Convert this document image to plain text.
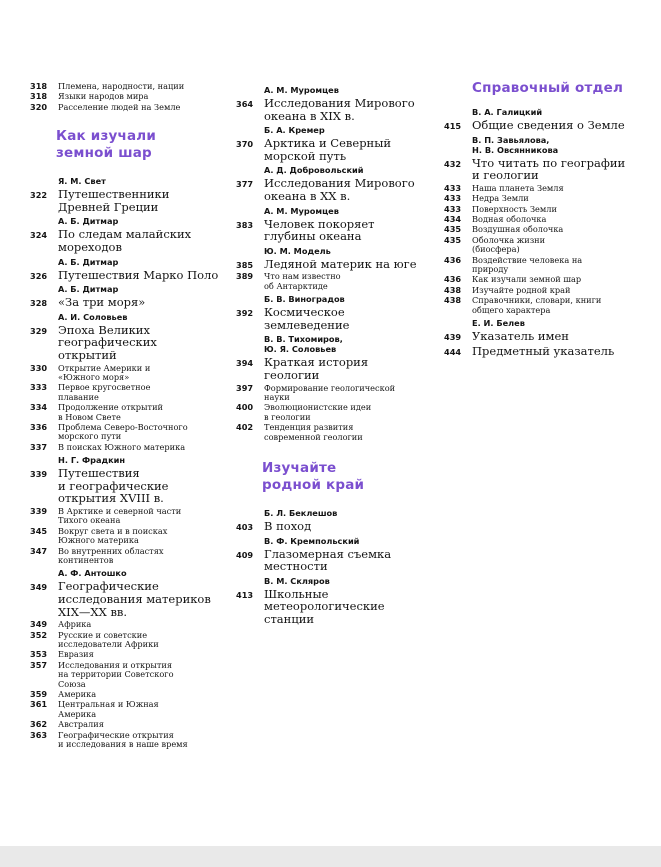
318	Племена, народности, нации
318	Языки народов мира
320	Расселение людей на Земле
Как изучали
земной шар
Я. М. Свет
322 Путешественники
Древней Греции
А. Б. Дитмар
324 По следам малайских
мореходов
А. Б. Дитмар
326 Путешествия Марко Поло
А. Б. Дитмар
328 «За три моря»
А. И. Соловьев
329 Эпоха Великих
географических
открытий
330	Открытие Америки и
«Южного моря»
333	Первое кругосветное
плавание
334	Продолжение открытий
в Новом Свете
336	Проблема Северо-Восточного
морского пути
337	В поисках Южного материка
Н. Г. Фрадкин
339 Путешествия
и географические
открытия XVIII в.
339	В Арктике и северной части
Тихого океана
345	Вокруг света и в поисках
Южного материка
347	Во внутренних областях
континентов
А. Ф. Антошко
349 Географические
исследования материков
XIX—XX вв.
349	Африка
352	Русские и советские
исследователи Африки
353	Евразия
357	Исследования и открытия
на территории Советского
Союза
359	Америка
361	Центральная и Южная
Америка
362	Австралия
363	Географические открытия
и исследования в наше время
А. М. Муромцев
364 Исследования Мирового
океана в XIX в.
Б. А. Кремер
370 Арктика и Северный
морской путь
А. Д. Добровольский
377 Исследования Мирового
океана в XX в.
А. М. Муромцев
383 Человек покоряет
глубины океана
Ю. М. Модель
385 Ледяной материк на юге
389	Что нам известно
об Антарктиде
Б. В. Виноградов
392 Космическое
землеведение
В. В. Тихомиров,
Ю. Я. Соловьев
394 Краткая история
геологии
397	Формирование геологической
науки
400	Эволюционистские идеи
в геологии
402	Тенденция развития
современной геологии
Изучайте
родной край
Б. Л. Беклешов
403 В поход
В. Ф. Кремпольский
409 Глазомерная съемка
местности
В. М. Скляров
413 Школьные
метеорологические
станции
Справочный отдел
В. А. Галицкий
415 Общие сведения о Земле
В. П. Завьялова,
Н. В. Овсянникова
432 Что читать по географии
и геологии
433	Наша планета Земля
433	Недра Земли
433	Поверхность Земли
434	Водная оболочка
435	Воздушная оболочка
435	Оболочка жизни
(биосфера)
436	Воздействие человека на
природу
436	Как изучали земной шар
438	Изучайте родной край
438	Справочники, словари, книги
общего характера
Е. И. Белев
439 Указатель имен
444 Предметный указатель
